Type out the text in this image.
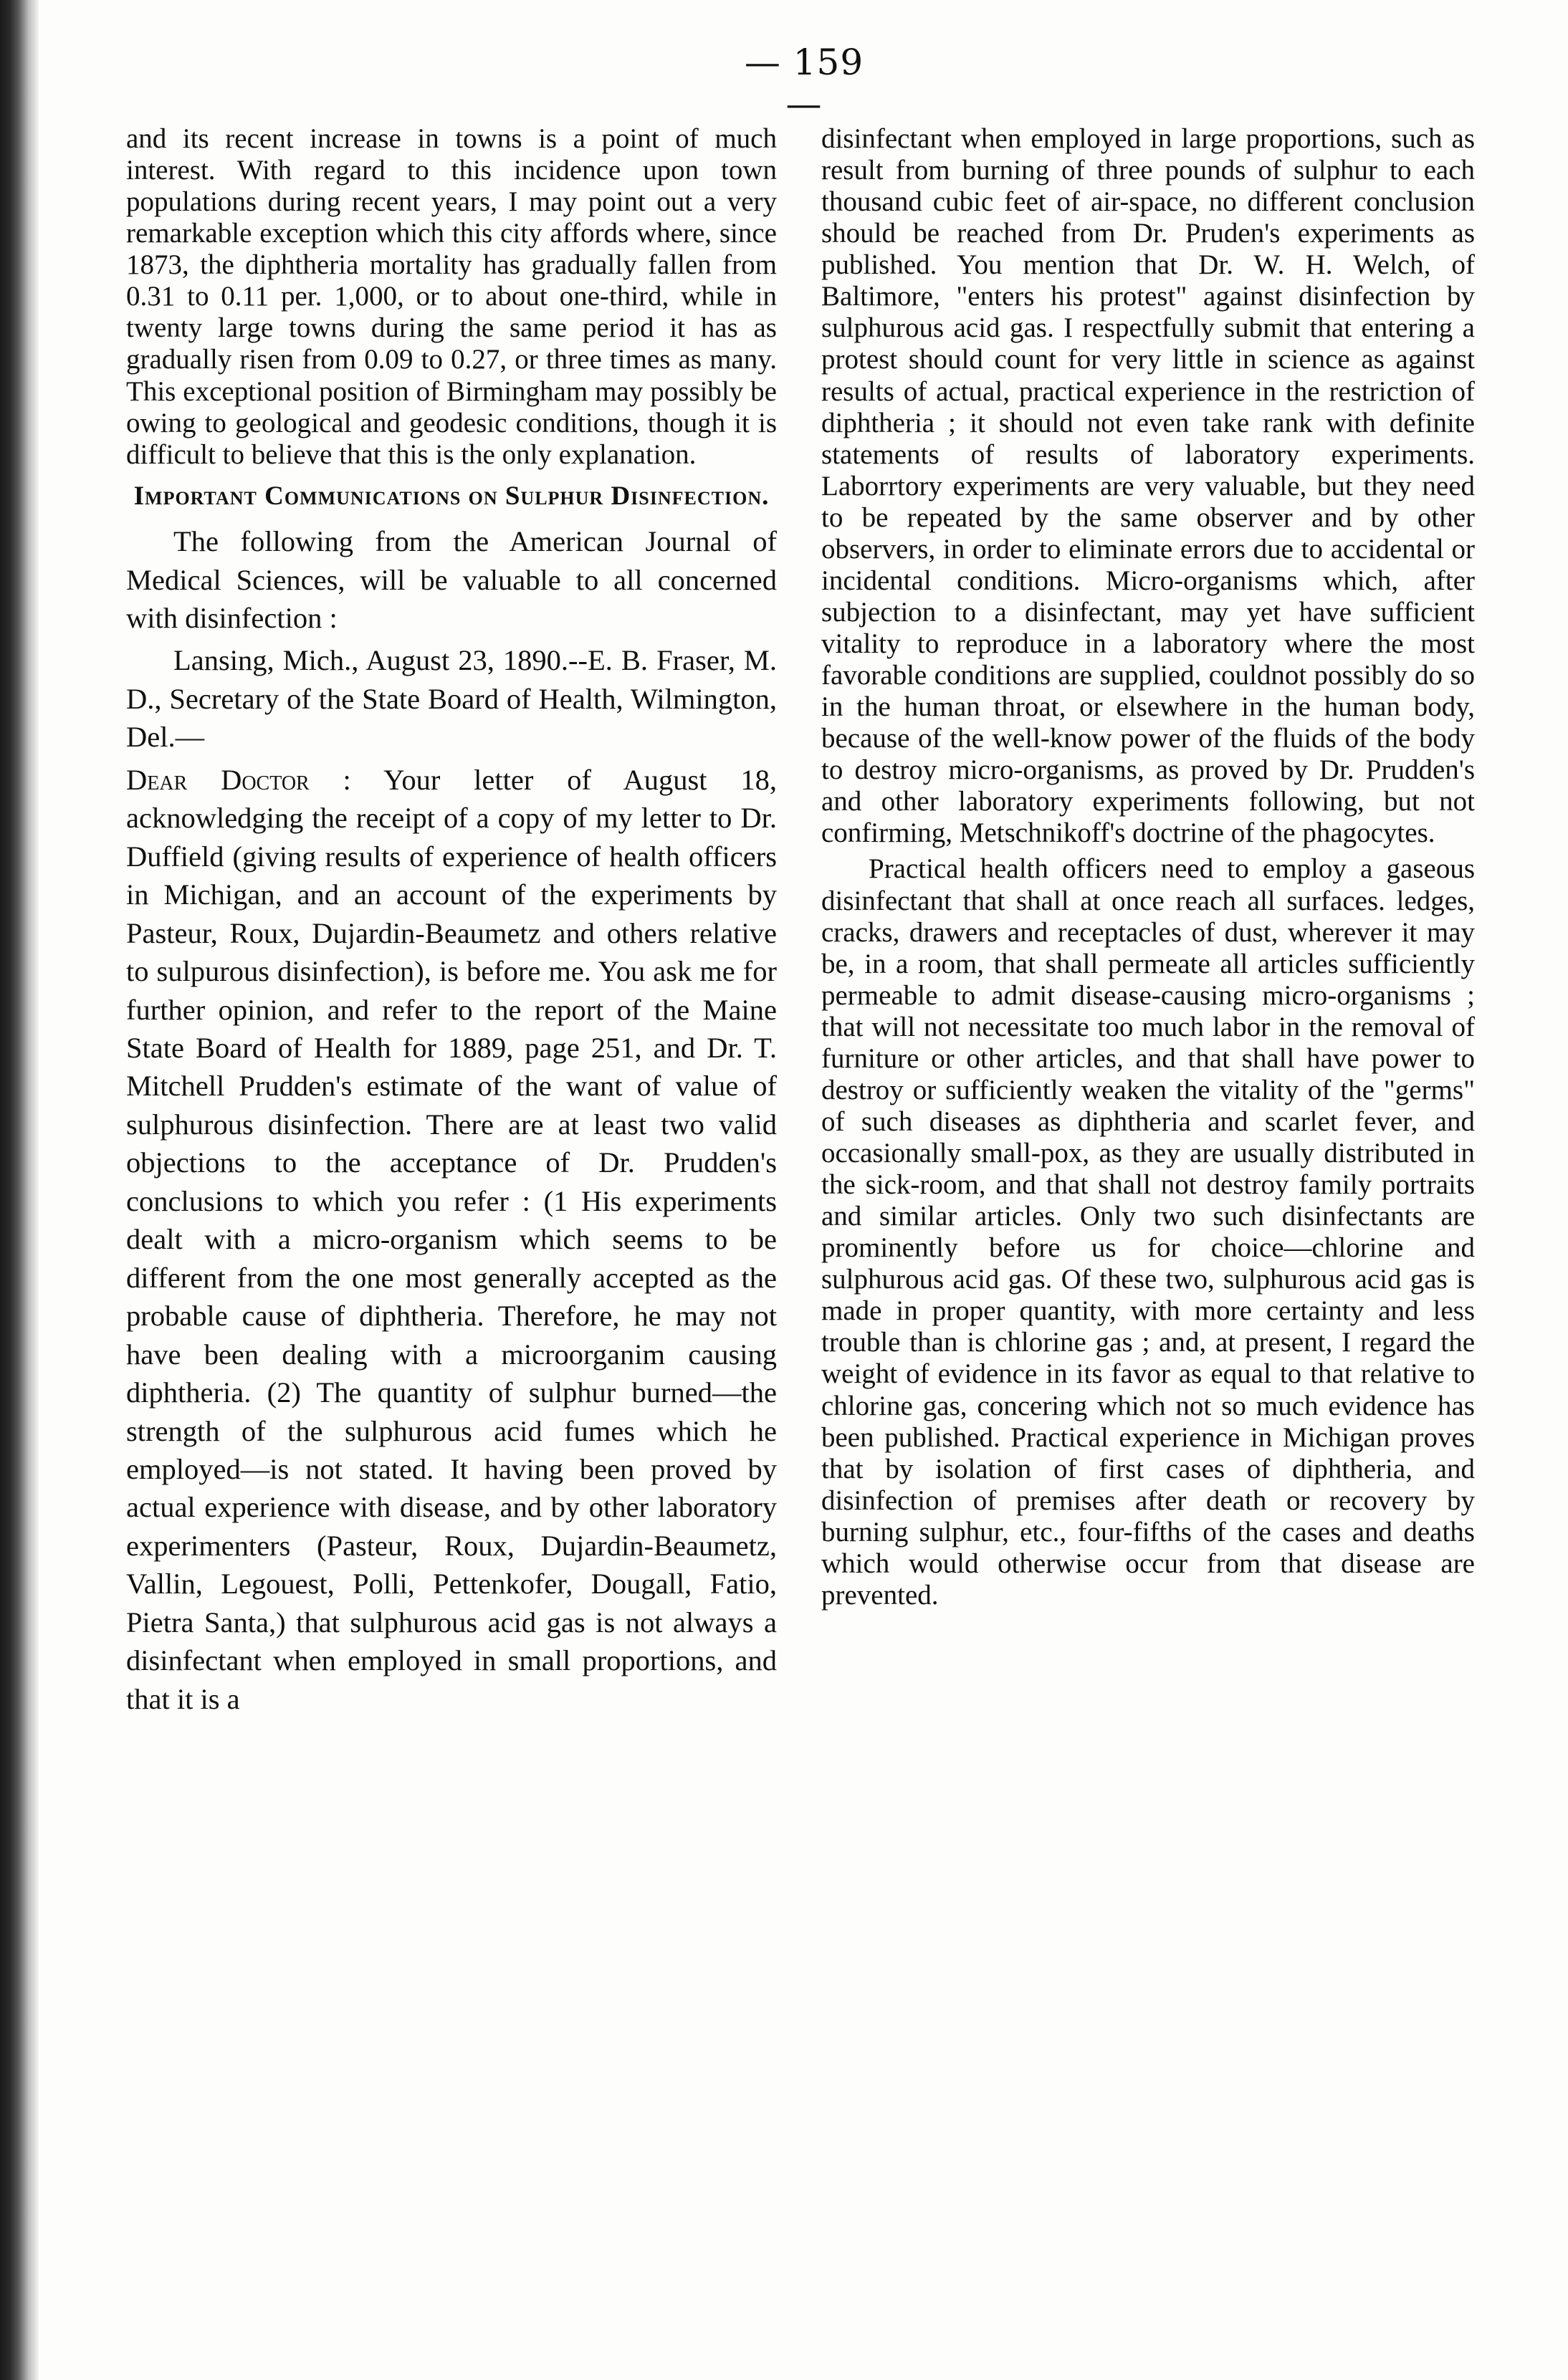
— 159 —

and its recent increase in towns is a point of much interest. With regard to this incidence upon town populations during recent years, I may point out a very remarkable exception which this city affords where, since 1873, the diphtheria mortality has gradually fallen from 0.31 to 0.11 per. 1,000, or to about one-third, while in twenty large towns during the same period it has as gradually risen from 0.09 to 0.27, or three times as many. This exceptional position of Birmingham may possibly be owing to geological and geodesic conditions, though it is difficult to believe that this is the only explanation.

Important Communications on Sulphur Disinfection.

The following from the American Journal of Medical Sciences, will be valuable to all concerned with disinfection :

Lansing, Mich., August 23, 1890.--E. B. Fraser, M. D., Secretary of the State Board of Health, Wilmington, Del.—

Dear Doctor : Your letter of August 18, acknowledging the receipt of a copy of my letter to Dr. Duffield (giving results of experience of health officers in Michigan, and an account of the experiments by Pasteur, Roux, Dujardin-Beaumetz and others relative to sulpurous disinfection), is before me. You ask me for further opinion, and refer to the report of the Maine State Board of Health for 1889, page 251, and Dr. T. Mitchell Prudden's estimate of the want of value of sulphurous disinfection. There are at least two valid objections to the acceptance of Dr. Prudden's conclusions to which you refer : (1 His experiments dealt with a micro-organism which seems to be different from the one most generally accepted as the probable cause of diphtheria. Therefore, he may not have been dealing with a microorganim causing diphtheria. (2) The quantity of sulphur burned—the strength of the sulphurous acid fumes which he employed—is not stated. It having been proved by actual experience with disease, and by other laboratory experimenters (Pasteur, Roux, Dujardin-Beaumetz, Vallin, Legouest, Polli, Pettenkofer, Dougall, Fatio, Pietra Santa,) that sulphurous acid gas is not always a disinfectant when employed in small proportions, and that it is a

disinfectant when employed in large proportions, such as result from burning of three pounds of sulphur to each thousand cubic feet of air-space, no different conclusion should be reached from Dr. Pruden's experiments as published. You mention that Dr. W. H. Welch, of Baltimore, "enters his protest" against disinfection by sulphurous acid gas. I respectfully submit that entering a protest should count for very little in science as against results of actual, practical experience in the restriction of diphtheria ; it should not even take rank with definite statements of results of laboratory experiments. Laborrtory experiments are very valuable, but they need to be repeated by the same observer and by other observers, in order to eliminate errors due to accidental or incidental conditions. Micro-organisms which, after subjection to a disinfectant, may yet have sufficient vitality to reproduce in a laboratory where the most favorable conditions are supplied, couldnot possibly do so in the human throat, or elsewhere in the human body, because of the well-know power of the fluids of the body to destroy micro-organisms, as proved by Dr. Prudden's and other laboratory experiments following, but not confirming, Metschnikoff's doctrine of the phagocytes.

Practical health officers need to employ a gaseous disinfectant that shall at once reach all surfaces. ledges, cracks, drawers and receptacles of dust, wherever it may be, in a room, that shall permeate all articles sufficiently permeable to admit disease-causing micro-organisms ; that will not necessitate too much labor in the removal of furniture or other articles, and that shall have power to destroy or sufficiently weaken the vitality of the "germs" of such diseases as diphtheria and scarlet fever, and occasionally small-pox, as they are usually distributed in the sick-room, and that shall not destroy family portraits and similar articles. Only two such disinfectants are prominently before us for choice—chlorine and sulphurous acid gas. Of these two, sulphurous acid gas is made in proper quantity, with more certainty and less trouble than is chlorine gas ; and, at present, I regard the weight of evidence in its favor as equal to that relative to chlorine gas, concering which not so much evidence has been published. Practical experience in Michigan proves that by isolation of first cases of diphtheria, and disinfection of premises after death or recovery by burning sulphur, etc., four-fifths of the cases and deaths which would otherwise occur from that disease are prevented.
